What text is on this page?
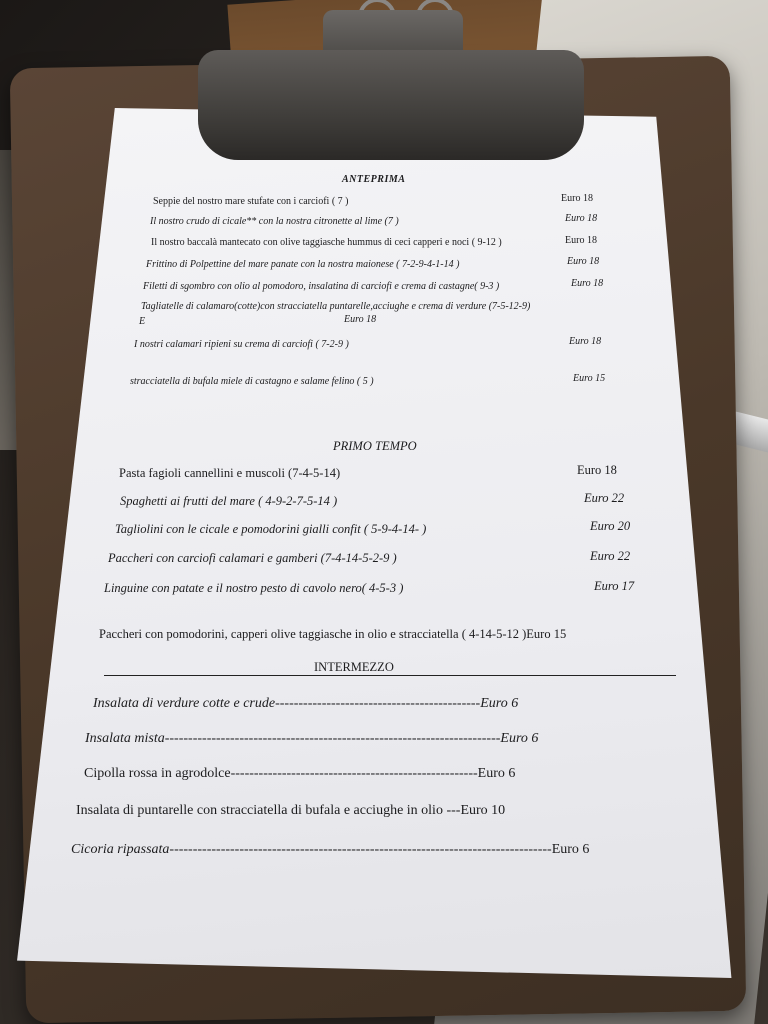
ANTEPRIMA
Seppie del nostro mare stufate con i carciofi ( 7 )	Euro 18
Il nostro crudo di cicale** con la nostra citronette al lime (7 )	Euro 18
Il nostro baccalà mantecato con olive taggiasche hummus di ceci capperi e noci ( 9-12 )	Euro 18
Frittino di Polpettine del mare panate con la nostra maionese ( 7-2-9-4-1-14 )	Euro 18
Filetti di sgombro con olio al pomodoro, insalatina di carciofi e crema di castagne( 9-3 )	Euro 18
Tagliatelle di calamaro(cotte)con stracciatella puntarelle,acciughe e crema di verdure (7-5-12-9)
E	Euro 18
I nostri calamari ripieni su crema di carciofi ( 7-2-9 )	Euro 18
stracciatella di bufala miele di castagno e salame felino ( 5 )	Euro 15
PRIMO TEMPO
Pasta fagioli cannellini e muscoli (7-4-5-14)	Euro 18
Spaghetti ai frutti del mare ( 4-9-2-7-5-14 )	Euro 22
Tagliolini con le cicale e pomodorini gialli confit ( 5-9-4-14- )	Euro 20
Paccheri con carciofi calamari e gamberi (7-4-14-5-2-9 )	Euro 22
Linguine con patate e il nostro pesto di cavolo nero( 4-5-3 )	Euro 17
Paccheri con pomodorini, capperi olive taggiasche in olio e stracciatella ( 4-14-5-12 )Euro 15
INTERMEZZO
Insalata di verdure cotte e crude--------------------------------------------Euro 6
Insalata mista------------------------------------------------------------------------Euro 6
Cipolla rossa in agrodolce-----------------------------------------------------Euro 6
Insalata di puntarelle con stracciatella di bufala e acciughe in olio ---Euro 10
Cicoria ripassata----------------------------------------------------------------------------------Euro 6
